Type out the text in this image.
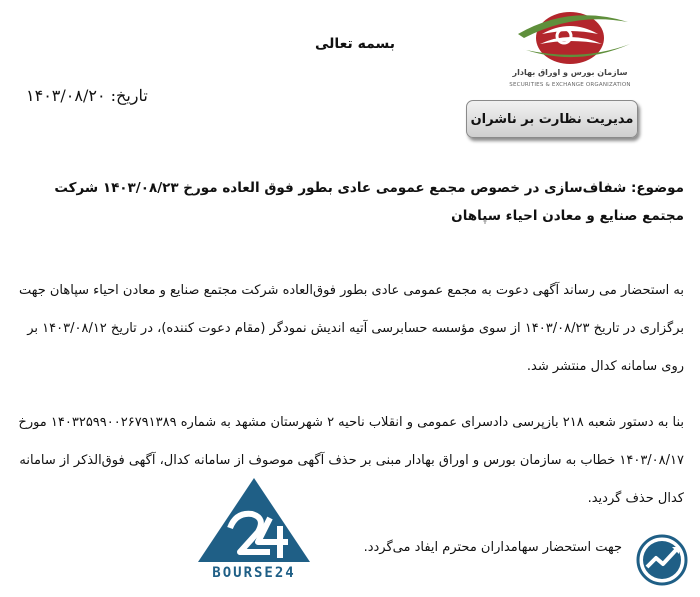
سازمان بورس و اوراق بهادار
SECURITIES & EXCHANGE ORGANIZATION
بسمه تعالی
تاریخ: ۱۴۰۳/۰۸/۲۰
مدیریت نظارت بر ناشران
موضوع: شفاف‌سازی در خصوص مجمع عمومی عادی بطور فوق العاده مورخ ۱۴۰۳/۰۸/۲۳ شرکت مجتمع صنایع و معادن احیاء سپاهان
به استحضار می رساند آگهی دعوت به مجمع عمومی عادی بطور فوق‌العاده شرکت مجتمع صنایع و معادن احیاء سپاهان جهت برگزاری در تاریخ ۱۴۰۳/۰۸/۲۳ از سوی مؤسسه حسابرسی آتیه اندیش نمودگر (مقام دعوت کننده)، در تاریخ ۱۴۰۳/۰۸/۱۲ بر روی سامانه کدال منتشر شد.
بنا به دستور شعبه ۲۱۸ بازپرسی دادسرای عمومی و انقلاب ناحیه ۲ شهرستان مشهد به شماره ۱۴۰۳۲۵۹۹۰۰۲۶۷۹۱۳۸۹ مورخ ۱۴۰۳/۰۸/۱۷ خطاب به سازمان بورس و اوراق بهادار مبنی بر حذف آگهی موصوف از سامانه کدال، آگهی فوق‌الذکر از سامانه کدال حذف گردید.
جهت استحضار سهامداران محترم ایفاد می‌گردد.
BOURSE24
